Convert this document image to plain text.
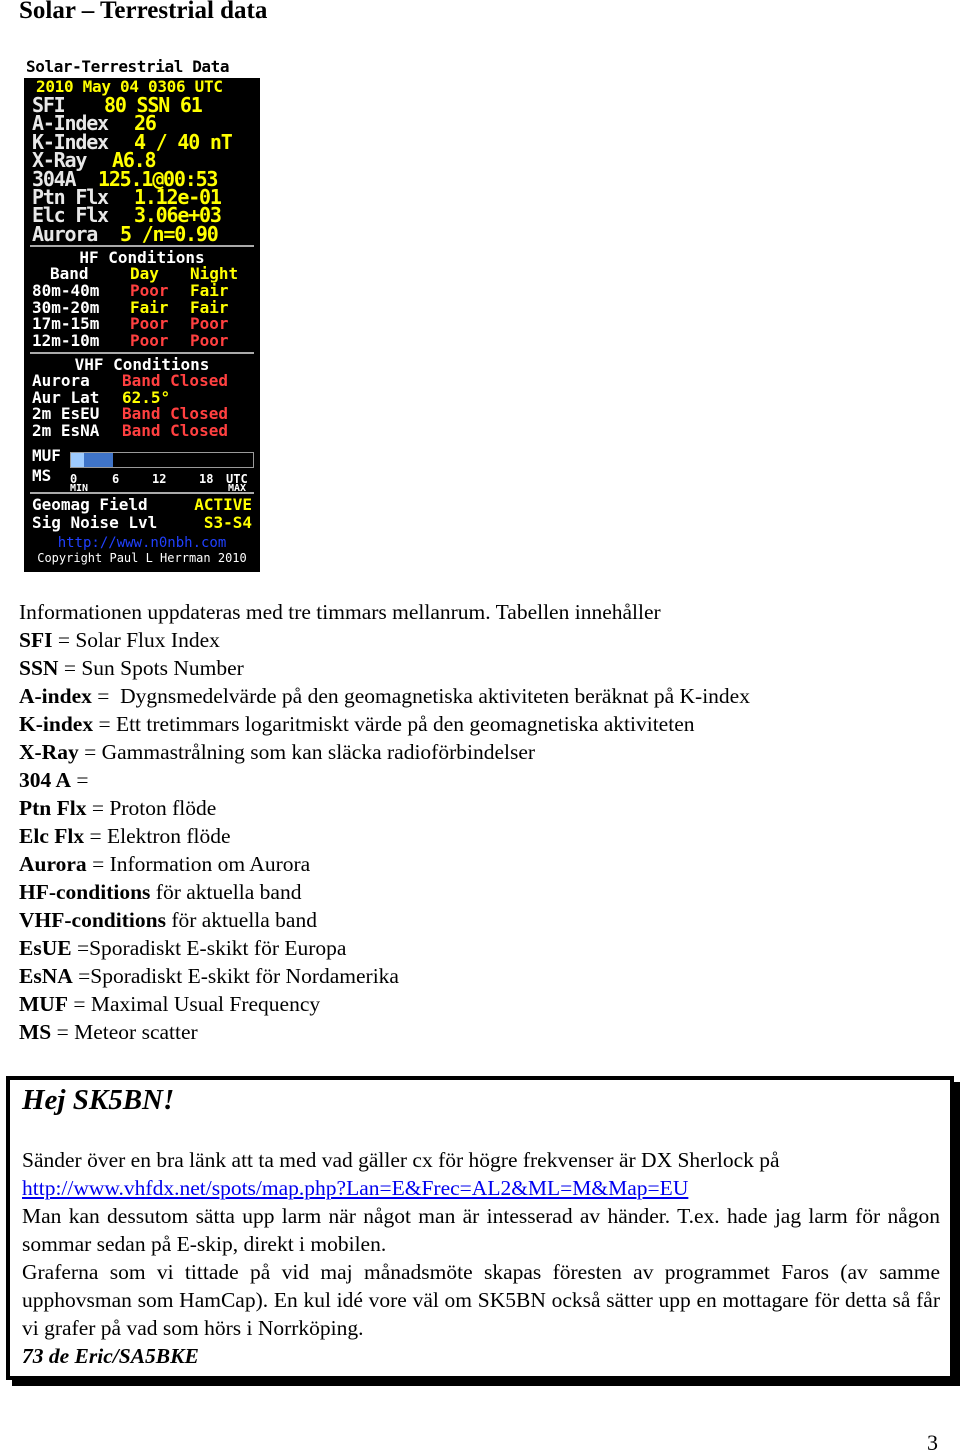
Solar – Terrestrial data
Solar-Terrestrial Data
2010 May 04 0306 UTC
SFI 80 SSN 61
A-Index 26
K-Index 4 / 40 nT
X-Ray A6.8
304A 125.1@00:53
Ptn Flx 1.12e-01
Elc Flx 3.06e+03
Aurora 5 /n=0.90
HF Conditions
Band	Day	Night
80m-40m	Poor	Fair
30m-20m	Fair	Fair
17m-15m	Poor	Poor
12m-10m	Poor	Poor
VHF Conditions
Aurora	Band Closed
Aur Lat	62.5°
2m EsEU	Band Closed
2m EsNA	Band Closed
MUF
MS 0	6	12	18 UTC
MIN	MAX
Geomag Field	ACTIVE
Sig Noise Lvl	S3-S4
http://www.n0nbh.com
Copyright Paul L Herrman 2010

Informationen uppdateras med tre timmars mellanrum. Tabellen innehåller

SFI = Solar Flux Index

SSN = Sun Spots Number

A-index =  Dygnsmedelvärde på den geomagnetiska aktiviteten beräknat på K-index

K-index = Ett tretimmars logaritmiskt värde på den geomagnetiska aktiviteten

X-Ray = Gammastrålning som kan släcka radioförbindelser

304 A =

Ptn Flx = Proton flöde

Elc Flx = Elektron flöde

Aurora = Information om Aurora

HF-conditions för aktuella band

VHF-conditions för aktuella band

EsUE =Sporadiskt E-skikt för Europa

EsNA =Sporadiskt E-skikt för Nordamerika

MUF = Maximal Usual Frequency

MS = Meteor scatter

Hej SK5BN!

Sänder över en bra länk att ta med vad gäller cx för högre frekvenser är DX Sherlock på

http://www.vhfdx.net/spots/map.php?Lan=E&Frec=AL2&ML=M&Map=EU

Man kan dessutom sätta upp larm när något man är intesserad av händer. T.ex. hade jag larm för någon sommar sedan på E-skip, direkt i mobilen.

Graferna som vi tittade på vid maj månadsmöte skapas föresten av programmet Faros (av samme upphovsman som HamCap). En kul idé vore väl om SK5BN också sätter upp en mottagare för detta så får vi grafer på vad som hörs i Norrköping.

73 de Eric/SA5BKE

3
